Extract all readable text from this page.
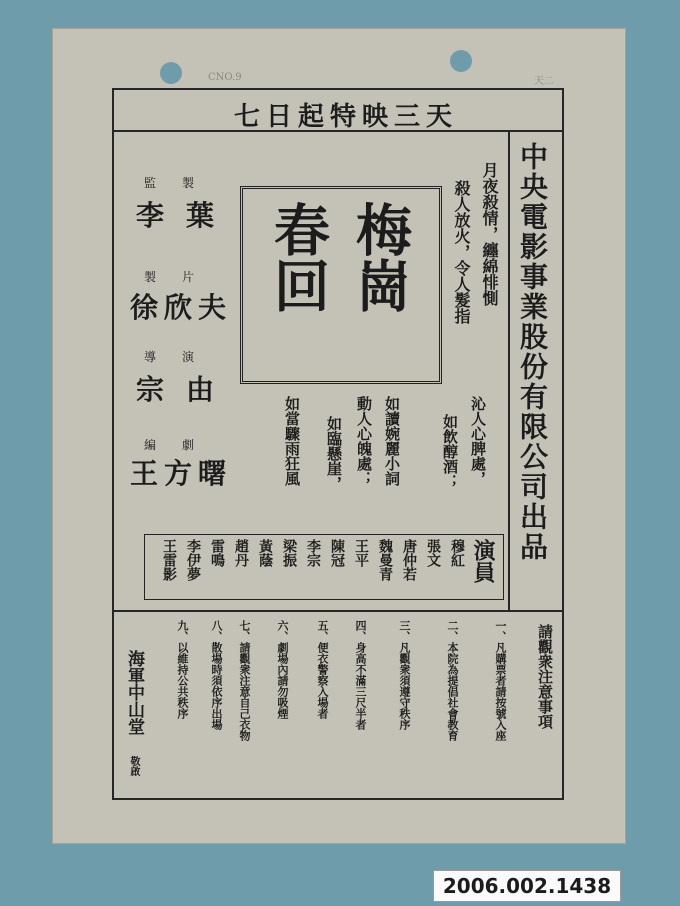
CNO.9	天二
七日起特映三天
中央電影事業股份有限公司出品
月夜殺情，纏綿悱惻
殺人放火，令人髮指
梅崗
春回
沁人心脾處，
如飲醇酒；
如讀婉麗小詞
動人心魄處；
如臨懸崖，
如當驟雨狂風
監製
李葉
製片
徐欣夫
導演
宗由
編劇
王方曙
演員
穆紅
張文
唐仲若
魏曼青
王平
陳冠
李宗
梁振
黃蔭
趙丹
雷鳴
李伊夢
王雷影
請觀衆注意事項
一、凡購票者請按號入座
二、本院為提倡社會教育
三、凡觀衆須遵守秩序
四、身高不滿三尺半者
五、便衣警察入場者
六、劇場內請勿吸煙
七、請觀衆注意自己衣物
八、散場時須依序出場
九、以維持公共秩序
海軍中山堂
敬啟
2006.002.1438
